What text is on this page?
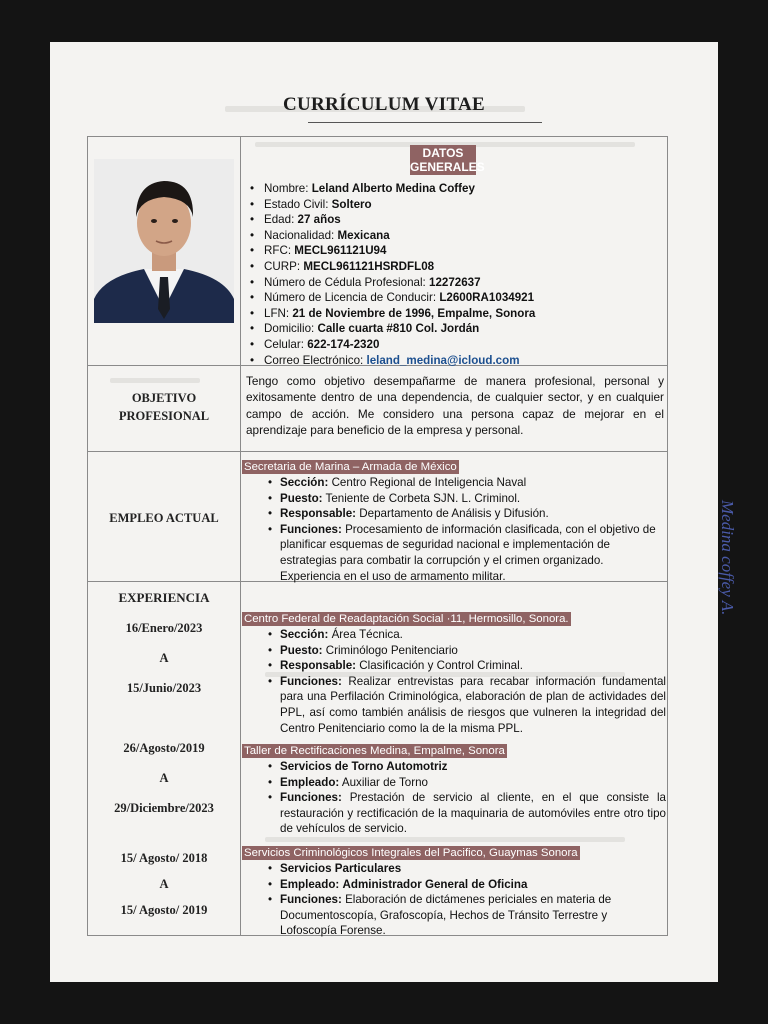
CURRÍCULUM VITAE
DATOS
GENERALES
• Nombre: Leland Alberto Medina Coffey
• Estado Civil: Soltero
• Edad: 27 años
• Nacionalidad: Mexicana
• RFC: MECL961121U94
• CURP: MECL961121HSRDFL08
• Número de Cédula Profesional: 12272637
• Número de Licencia de Conducir: L2600RA1034921
• LFN: 21 de Noviembre de 1996, Empalme, Sonora
• Domicilio: Calle cuarta #810 Col. Jordán
• Celular: 622-174-2320
• Correo Electrónico: leland_medina@icloud.com
OBJETIVO
PROFESIONAL
Tengo como objetivo desempañarme de manera profesional, personal y exitosamente dentro de una dependencia, de cualquier sector, y en cualquier campo de acción. Me considero una persona capaz de mejorar en el aprendizaje para beneficio de la empresa y personal.
EMPLEO ACTUAL
Secretaria de Marina – Armada de México
• Sección: Centro Regional de Inteligencia Naval
• Puesto: Teniente de Corbeta SJN. L. Criminol.
• Responsable: Departamento de Análisis y Difusión.
• Funciones: Procesamiento de información clasificada, con el objetivo de planificar esquemas de seguridad nacional e implementación de estrategias para combatir la corrupción y el crimen organizado. Experiencia en el uso de armamento militar.
EXPERIENCIA
16/Enero/2023
A
15/Junio/2023
Centro Federal de Readaptación Social ·11, Hermosillo, Sonora.
• Sección: Área Técnica.
• Puesto: Criminólogo Penitenciario
• Responsable: Clasificación y Control Criminal.
• Funciones: Realizar entrevistas para recabar información fundamental para una Perfilación Criminológica, elaboración de plan de actividades del PPL, así como también análisis de riesgos que vulneren la integridad del Centro Penitenciario como la de la misma PPL.
26/Agosto/2019
A
29/Diciembre/2023
Taller de Rectificaciones Medina, Empalme, Sonora
• Servicios de Torno Automotriz
• Empleado: Auxiliar de Torno
• Funciones: Prestación de servicio al cliente, en el que consiste la restauración y rectificación de la maquinaria de automóviles entre otro tipo de vehículos de servicio.
15/ Agosto/ 2018
A
15/ Agosto/ 2019
Servicios Criminológicos Integrales del Pacifico, Guaymas Sonora
• Servicios Particulares
• Empleado: Administrador General de Oficina
• Funciones: Elaboración de dictámenes periciales en materia de Documentoscopía, Grafoscopía, Hechos de Tránsito Terrestre y Lofoscopía Forense.
Medina coffey A.
